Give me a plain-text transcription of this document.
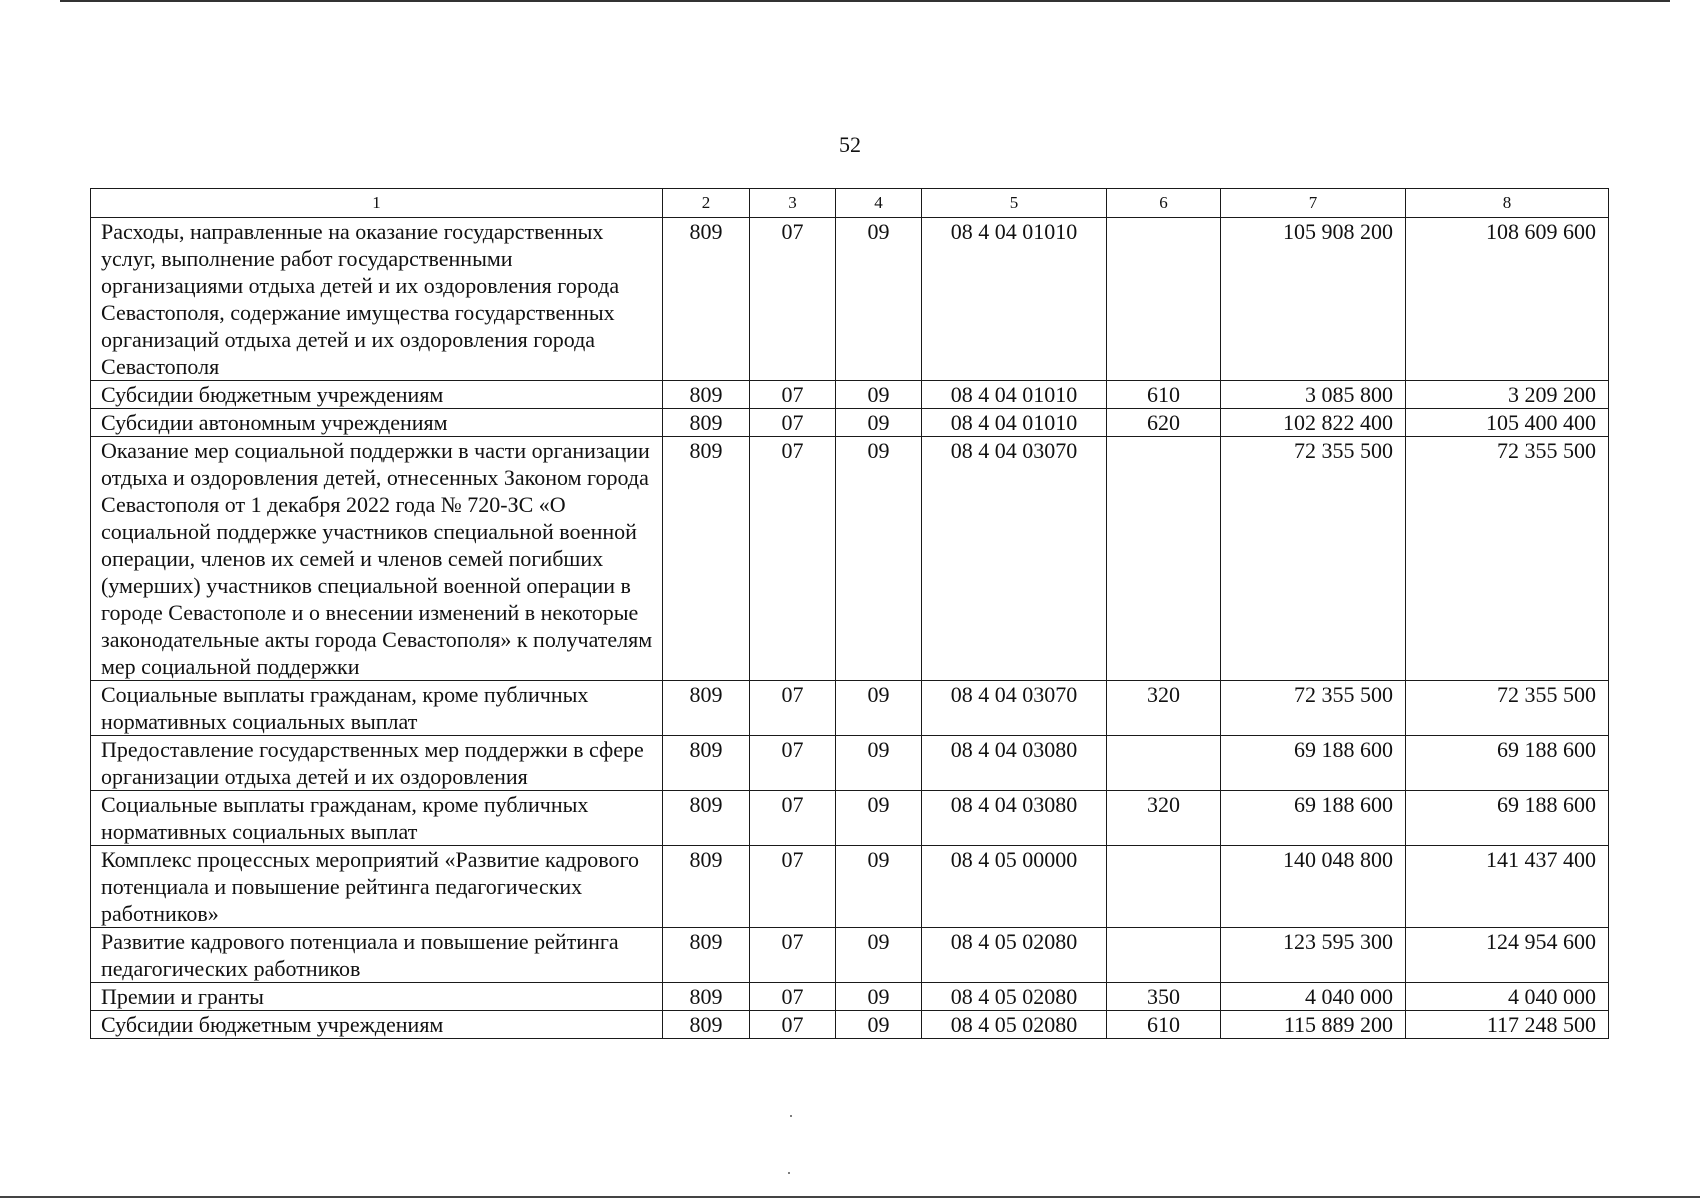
52
1	2	3	4	5	6	7	8
Расходы, направленные на оказание государственных услуг, выполнение работ государственными организациями отдыха детей и их оздоровления города Севастополя, содержание имущества государственных организаций отдыха детей и их оздоровления города Севастополя	809	07	09	08 4 04 01010		105 908 200	108 609 600
Субсидии бюджетным учреждениям	809	07	09	08 4 04 01010	610	3 085 800	3 209 200
Субсидии автономным учреждениям	809	07	09	08 4 04 01010	620	102 822 400	105 400 400
Оказание мер социальной поддержки в части организации отдыха и оздоровления детей, отнесенных Законом города Севастополя от 1 декабря 2022 года № 720-ЗС «О социальной поддержке участников специальной военной операции, членов их семей и членов семей погибших (умерших) участников специальной военной операции в городе Севастополе и о внесении изменений в некоторые законодательные акты города Севастополя» к получателям мер социальной поддержки	809	07	09	08 4 04 03070		72 355 500	72 355 500
Социальные выплаты гражданам, кроме публичных нормативных социальных выплат	809	07	09	08 4 04 03070	320	72 355 500	72 355 500
Предоставление государственных мер поддержки в сфере организации отдыха детей и их оздоровления	809	07	09	08 4 04 03080		69 188 600	69 188 600
Социальные выплаты гражданам, кроме публичных нормативных социальных выплат	809	07	09	08 4 04 03080	320	69 188 600	69 188 600
Комплекс процессных мероприятий «Развитие кадрового потенциала и повышение рейтинга педагогических работников»	809	07	09	08 4 05 00000		140 048 800	141 437 400
Развитие кадрового потенциала и повышение рейтинга педагогических работников	809	07	09	08 4 05 02080		123 595 300	124 954 600
Премии и гранты	809	07	09	08 4 05 02080	350	4 040 000	4 040 000
Субсидии бюджетным учреждениям	809	07	09	08 4 05 02080	610	115 889 200	117 248 500
